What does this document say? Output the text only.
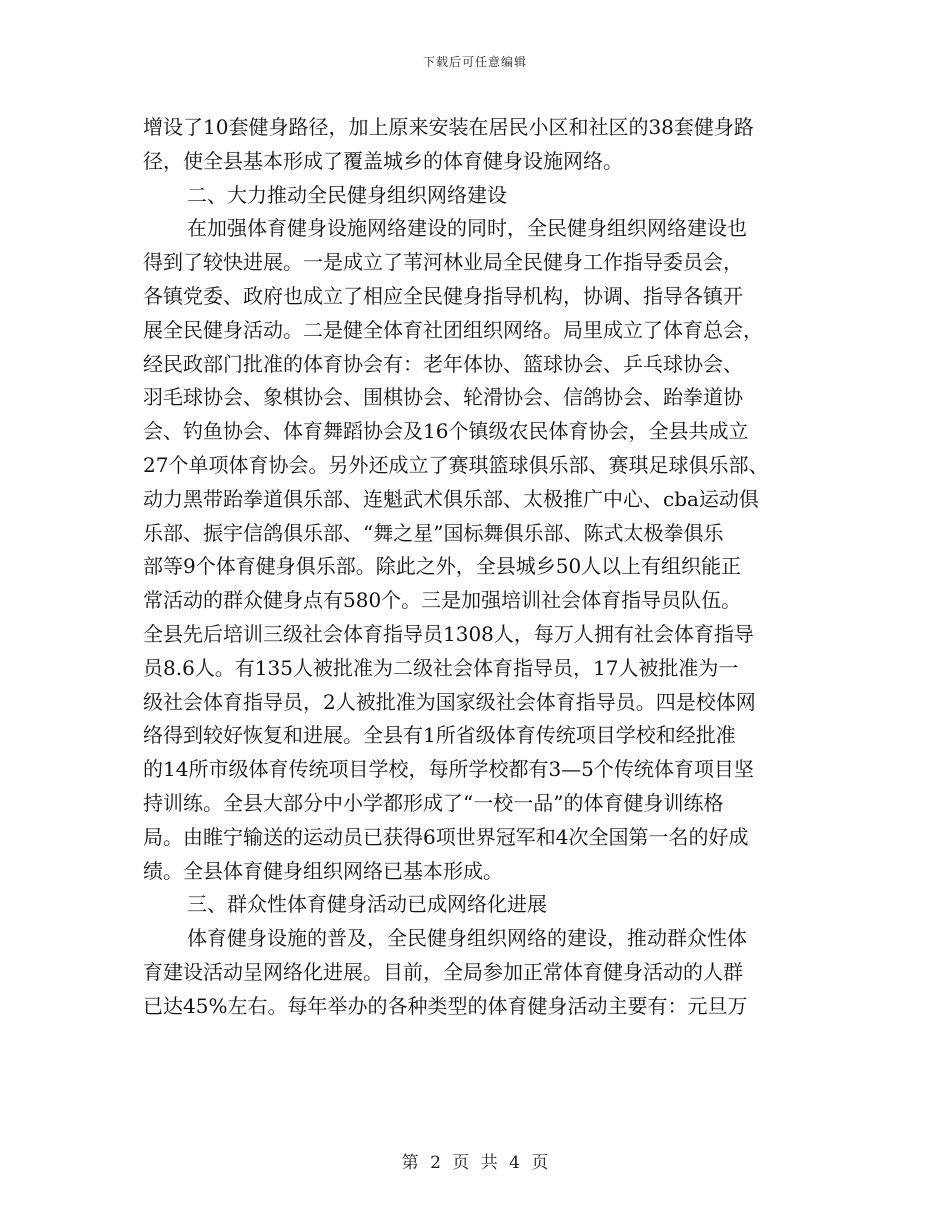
下载后可任意编辑
增设了10套健身路径，加上原来安装在居民小区和社区的38套健身路
径，使全县基本形成了覆盖城乡的体育健身设施网络。
二、大力推动全民健身组织网络建设
在加强体育健身设施网络建设的同时，全民健身组织网络建设也
得到了较快进展。一是成立了苇河林业局全民健身工作指导委员会，
各镇党委、政府也成立了相应全民健身指导机构，协调、指导各镇开
展全民健身活动。二是健全体育社团组织网络。局里成立了体育总会，
经民政部门批准的体育协会有：老年体协、篮球协会、乒乓球协会、
羽毛球协会、象棋协会、围棋协会、轮滑协会、信鸽协会、跆拳道协
会、钓鱼协会、体育舞蹈协会及16个镇级农民体育协会，全县共成立
27个单项体育协会。另外还成立了赛琪篮球俱乐部、赛琪足球俱乐部、
动力黑带跆拳道俱乐部、连魁武术俱乐部、太极推广中心、cba运动俱
乐部、振宇信鸽俱乐部、“舞之星”国标舞俱乐部、陈式太极拳俱乐
部等9个体育健身俱乐部。除此之外，全县城乡50人以上有组织能正
常活动的群众健身点有580个。三是加强培训社会体育指导员队伍。
全县先后培训三级社会体育指导员1308人，每万人拥有社会体育指导
员8.6人。有135人被批准为二级社会体育指导员，17人被批准为一
级社会体育指导员，2人被批准为国家级社会体育指导员。四是校体网
络得到较好恢复和进展。全县有1所省级体育传统项目学校和经批准
的14所市级体育传统项目学校，每所学校都有3—5个传统体育项目坚
持训练。全县大部分中小学都形成了“一校一品”的体育健身训练格
局。由睢宁输送的运动员已获得6项世界冠军和4次全国第一名的好成
绩。全县体育健身组织网络已基本形成。
三、群众性体育健身活动已成网络化进展
体育健身设施的普及，全民健身组织网络的建设，推动群众性体
育建设活动呈网络化进展。目前，全局参加正常体育健身活动的人群
已达45%左右。每年举办的各种类型的体育健身活动主要有：元旦万
第 2 页 共 4 页
